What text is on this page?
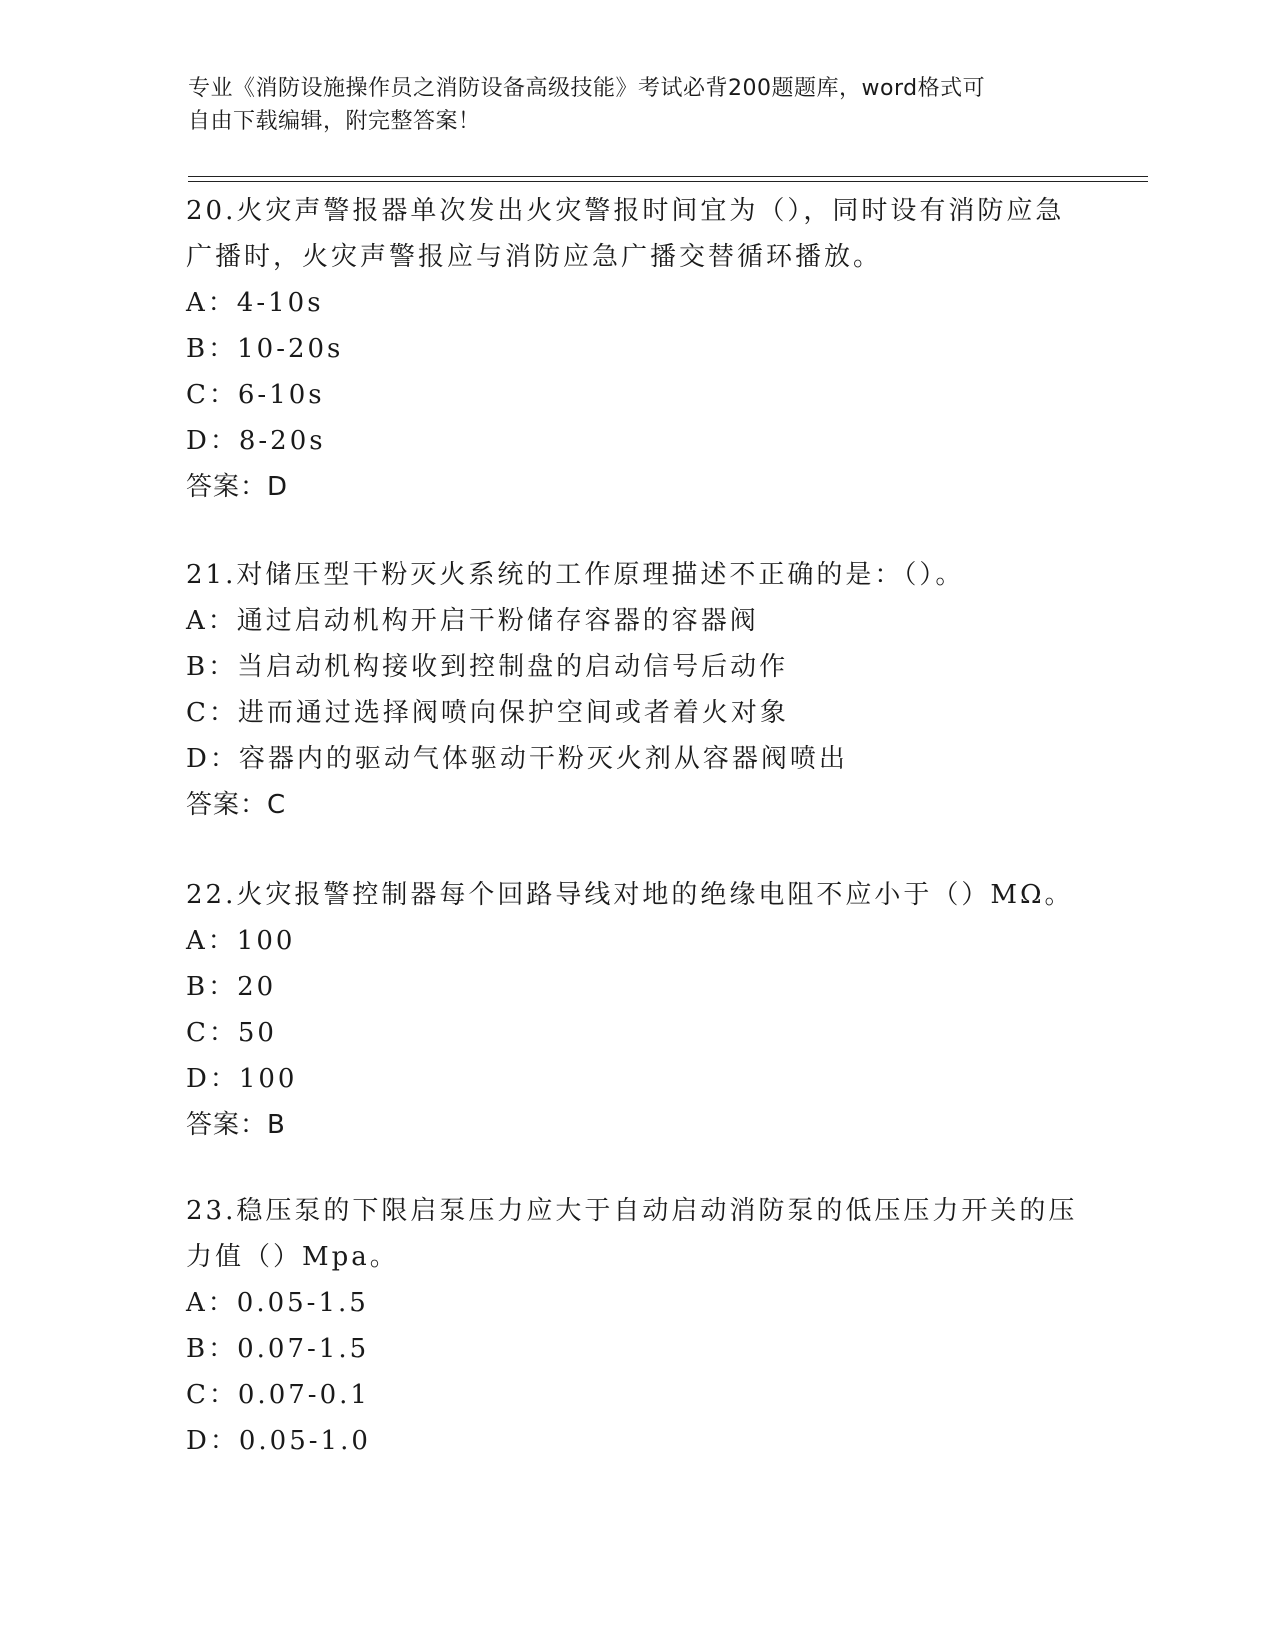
专业《消防设施操作员之消防设备高级技能》考试必背200题题库，word格式可
自由下载编辑，附完整答案！
20.火灾声警报器单次发出火灾警报时间宜为（），同时设有消防应急
广播时，火灾声警报应与消防应急广播交替循环播放。
A：4-10s
B：10-20s
C：6-10s
D：8-20s
答案：D
21.对储压型干粉灭火系统的工作原理描述不正确的是：（）。
A：通过启动机构开启干粉储存容器的容器阀
B：当启动机构接收到控制盘的启动信号后动作
C：进而通过选择阀喷向保护空间或者着火对象
D：容器内的驱动气体驱动干粉灭火剂从容器阀喷出
答案：C
22.火灾报警控制器每个回路导线对地的绝缘电阻不应小于（）MΩ。
A：100
B：20
C：50
D：100
答案：B
23.稳压泵的下限启泵压力应大于自动启动消防泵的低压压力开关的压
力值（）Mpa。
A：0.05-1.5
B：0.07-1.5
C：0.07-0.1
D：0.05-1.0
